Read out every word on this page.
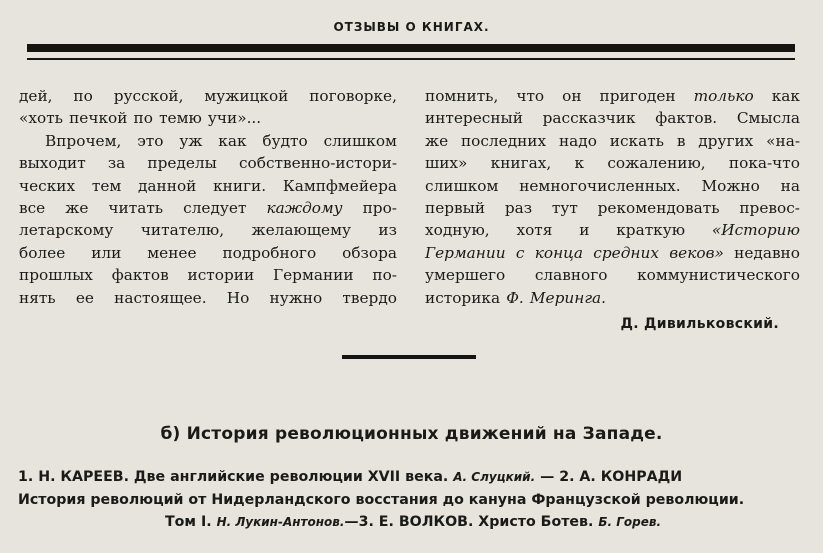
ОТЗЫВЫ О КНИГАХ.
дей, по русской, мужицкой поговорке,
«хоть печкой по темю учи»...
Впрочем, это уж как будто слишком
выходит за пределы собственно-истори-
ческих тем данной книги. Кампфмейера
все же читать следует каждому про-
летарскому читателю, желающему из
более или менее подробного обзора
прошлых фактов истории Германии по-
нять ее настоящее. Но нужно твердо
помнить, что он пригоден только как
интересный рассказчик фактов. Смысла
же последних надо искать в других «на-
ших» книгах, к сожалению, пока-что
слишком немногочисленных. Можно на
первый раз тут рекомендовать превос-
ходную, хотя и краткую «Историю
Германии с конца средних веков» недавно
умершего славного коммунистического
историка Ф. Меринга.
Д. Дивильковский.
б) История революционных движений на Западе.
1. Н. КАРЕЕВ. Две английские революции XVII века. А. Слуцкий. — 2. А. КОНРАДИ
История революций от Нидерландского восстания до кануна Французской революции.
Том I. Н. Лукин-Антонов.—3. Е. ВОЛКОВ. Христо Ботев. Б. Горев.
